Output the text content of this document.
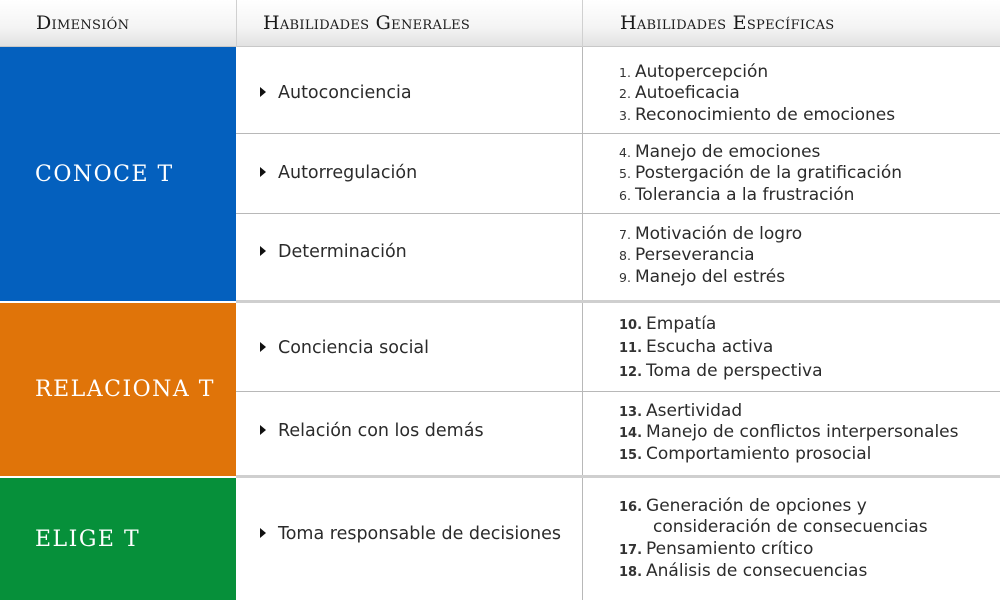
Dimensión	Habilidades Generales	Habilidades Específicas
CONOCE T
RELACIONA T
ELIGE T
Autoconciencia
Autorregulación
Determinación
Conciencia social
Relación con los demás
Toma responsable de decisiones
1. Autopercepción
2. Autoeficacia
3. Reconocimiento de emociones
4. Manejo de emociones
5. Postergación de la gratificación
6. Tolerancia a la frustración
7. Motivación de logro
8. Perseverancia
9. Manejo del estrés
10. Empatía
11. Escucha activa
12. Toma de perspectiva
13. Asertividad
14. Manejo de conflictos interpersonales
15. Comportamiento prosocial
16. Generación de opciones y
consideración de consecuencias
17. Pensamiento crítico
18. Análisis de consecuencias
